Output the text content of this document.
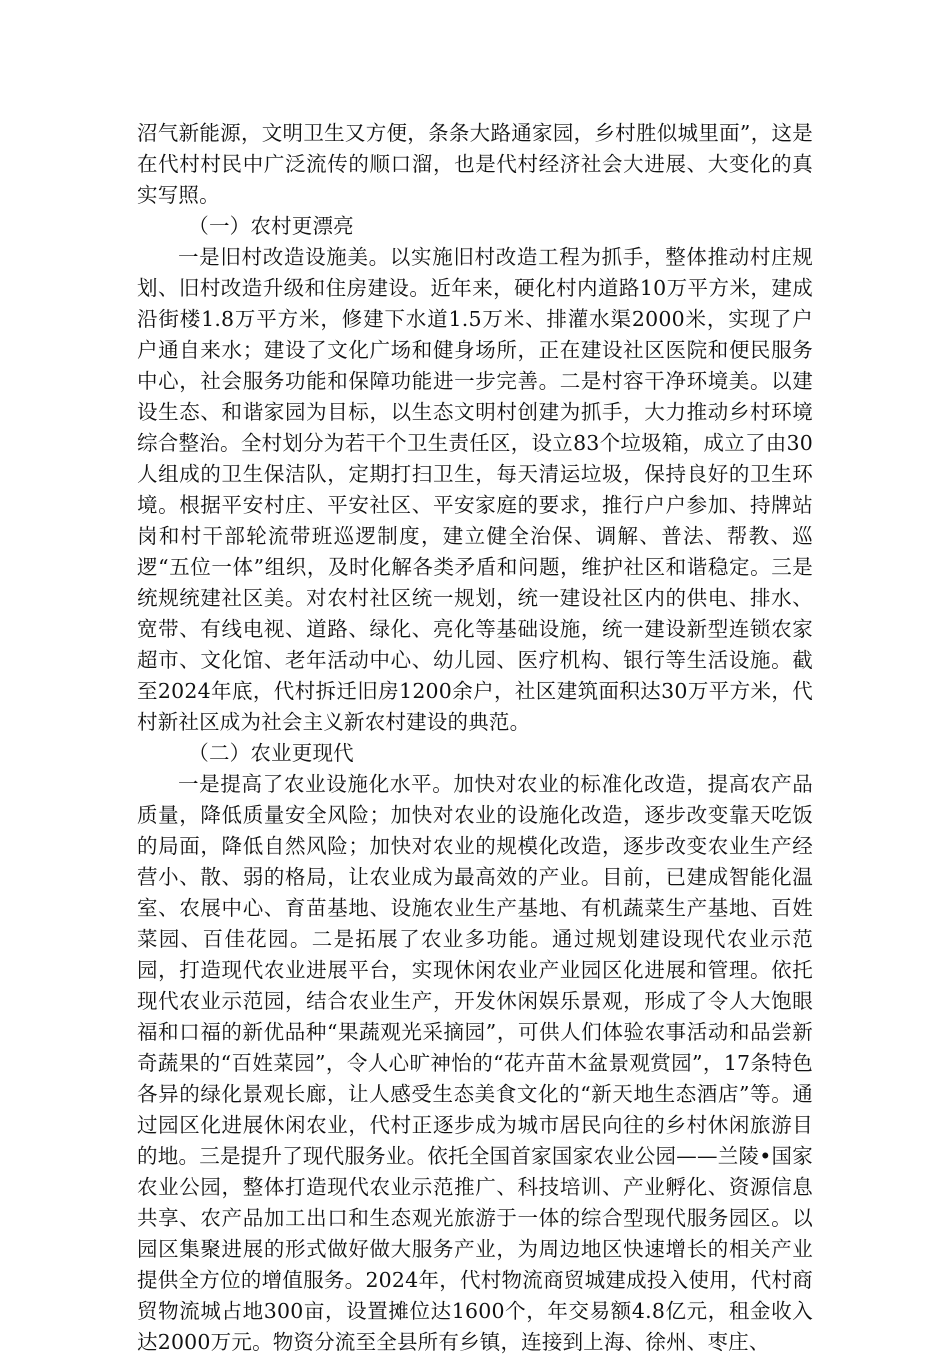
沼气新能源，文明卫生又方便，条条大路通家园，乡村胜似城里面”，这是在代村村民中广泛流传的顺口溜，也是代村经济社会大进展、大变化的真实写照。

（一）农村更漂亮

一是旧村改造设施美。以实施旧村改造工程为抓手，整体推动村庄规划、旧村改造升级和住房建设。近年来，硬化村内道路10万平方米，建成沿街楼1.8万平方米，修建下水道1.5万米、排灌水渠2000米，实现了户户通自来水；建设了文化广场和健身场所，正在建设社区医院和便民服务中心，社会服务功能和保障功能进一步完善。二是村容干净环境美。以建设生态、和谐家园为目标，以生态文明村创建为抓手，大力推动乡村环境综合整治。全村划分为若干个卫生责任区，设立83个垃圾箱，成立了由30人组成的卫生保洁队，定期打扫卫生，每天清运垃圾，保持良好的卫生环境。根据平安村庄、平安社区、平安家庭的要求，推行户户参加、持牌站岗和村干部轮流带班巡逻制度，建立健全治保、调解、普法、帮教、巡逻“五位一体”组织，及时化解各类矛盾和问题，维护社区和谐稳定。三是统规统建社区美。对农村社区统一规划，统一建设社区内的供电、排水、宽带、有线电视、道路、绿化、亮化等基础设施，统一建设新型连锁农家超市、文化馆、老年活动中心、幼儿园、医疗机构、银行等生活设施。截至2024年底，代村拆迁旧房1200余户，社区建筑面积达30万平方米，代村新社区成为社会主义新农村建设的典范。

（二）农业更现代

一是提高了农业设施化水平。加快对农业的标准化改造，提高农产品质量，降低质量安全风险；加快对农业的设施化改造，逐步改变靠天吃饭的局面，降低自然风险；加快对农业的规模化改造，逐步改变农业生产经营小、散、弱的格局，让农业成为最高效的产业。目前，已建成智能化温室、农展中心、育苗基地、设施农业生产基地、有机蔬菜生产基地、百姓菜园、百佳花园。二是拓展了农业多功能。通过规划建设现代农业示范园，打造现代农业进展平台，实现休闲农业产业园区化进展和管理。依托现代农业示范园，结合农业生产，开发休闲娱乐景观，形成了令人大饱眼福和口福的新优品种“果蔬观光采摘园”，可供人们体验农事活动和品尝新奇蔬果的“百姓菜园”，令人心旷神怡的“花卉苗木盆景观赏园”，17条特色各异的绿化景观长廊，让人感受生态美食文化的“新天地生态酒店”等。通过园区化进展休闲农业，代村正逐步成为城市居民向往的乡村休闲旅游目的地。三是提升了现代服务业。依托全国首家国家农业公园——兰陵•国家农业公园，整体打造现代农业示范推广、科技培训、产业孵化、资源信息共享、农产品加工出口和生态观光旅游于一体的综合型现代服务园区。以园区集聚进展的形式做好做大服务产业，为周边地区快速增长的相关产业提供全方位的增值服务。2024年，代村物流商贸城建成投入使用，代村商贸物流城占地300亩，设置摊位达1600个，年交易额4.8亿元，租金收入达2000万元。物资分流至全县所有乡镇，连接到上海、徐州、枣庄、
